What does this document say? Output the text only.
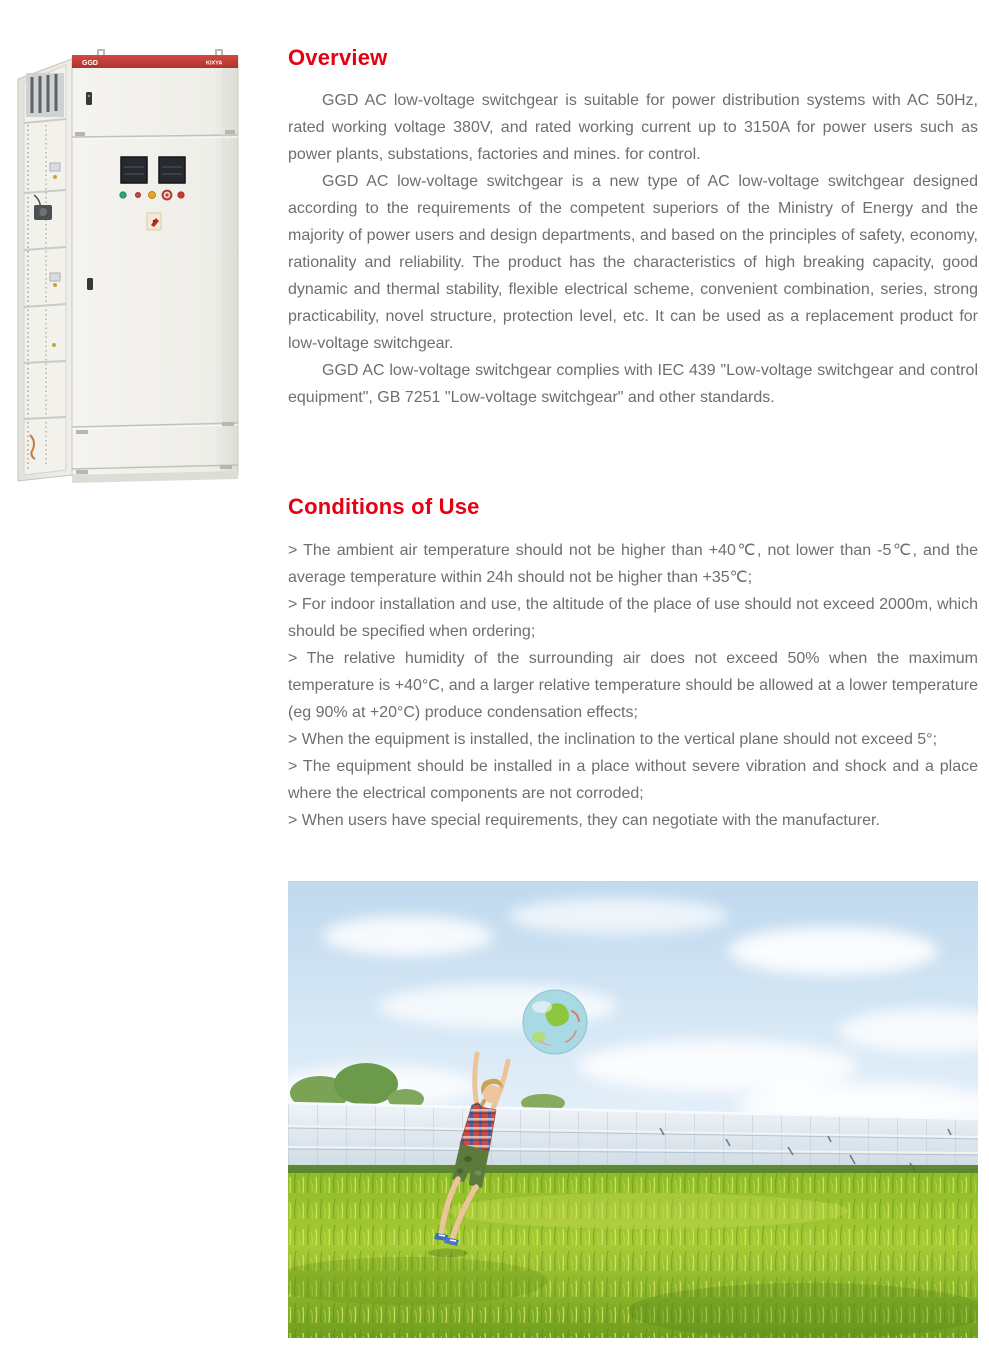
GGD	KIXYA	Overview

GGD AC low-voltage switchgear is suitable for power distribution systems with AC 50Hz, rated working voltage 380V, and rated working current up to 3150A for power users such as power plants, substations, factories and mines. for control.

GGD AC low-voltage switchgear is a new type of AC low-voltage switchgear designed according to the requirements of the competent superiors of the Ministry of Energy and the majority of power users and design departments, and based on the principles of safety, economy, rationality and reliability. The product has the characteristics of high breaking capacity, good dynamic and thermal stability, flexible electrical scheme, convenient combination, series, strong practicability, novel structure, protection level, etc. It can be used as a replacement product for low-voltage switchgear.

GGD AC low-voltage switchgear complies with IEC 439 "Low-voltage switchgear and control equipment", GB 7251 "Low-voltage switchgear" and other standards.

Conditions of Use

> The ambient air temperature should not be higher than +40℃, not lower than -5℃, and the average temperature within 24h should not be higher than +35℃;

> For indoor installation and use, the altitude of the place of use should not exceed 2000m, which should be specified when ordering;

> The relative humidity of the surrounding air does not exceed 50% when the maximum temperature is +40°C, and a larger relative temperature should be allowed at a lower temperature (eg 90% at +20°C) produce condensation effects;

> When the equipment is installed, the inclination to the vertical plane should not exceed 5°;

> The equipment should be installed in a place without severe vibration and shock and a place where the electrical components are not corroded;

> When users have special requirements, they can negotiate with the manufacturer.
